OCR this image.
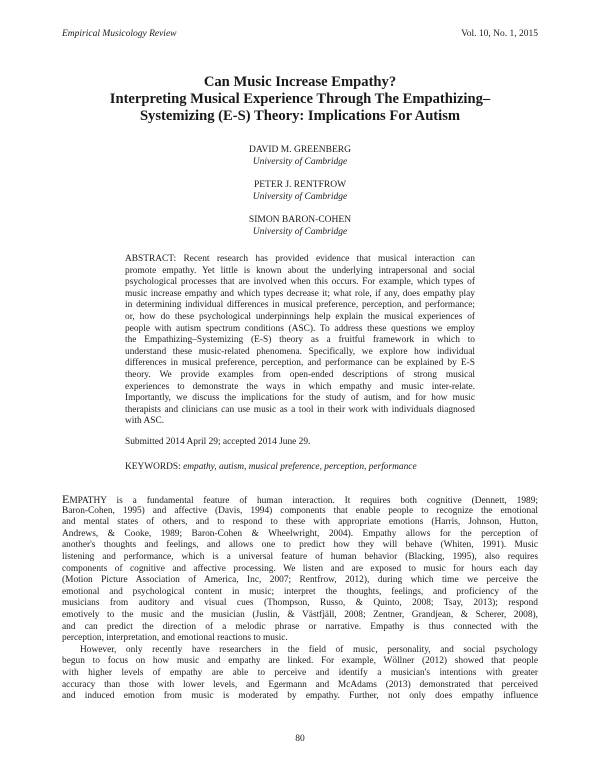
Empirical Musicology Review	Vol. 10, No. 1, 2015
Can Music Increase Empathy?
Interpreting Musical Experience Through The Empathizing–
Systemizing (E-S) Theory: Implications For Autism
DAVID M. GREENBERG
University of Cambridge
PETER J. RENTFROW
University of Cambridge
SIMON BARON-COHEN
University of Cambridge
ABSTRACT: Recent research has provided evidence that musical interaction can
promote empathy. Yet little is known about the underlying intrapersonal and social
psychological processes that are involved when this occurs. For example, which types of
music increase empathy and which types decrease it; what role, if any, does empathy play
in determining individual differences in musical preference, perception, and performance;
or, how do these psychological underpinnings help explain the musical experiences of
people with autism spectrum conditions (ASC). To address these questions we employ
the Empathizing–Systemizing (E-S) theory as a fruitful framework in which to
understand these music-related phenomena. Specifically, we explore how individual
differences in musical preference, perception, and performance can be explained by E-S
theory. We provide examples from open-ended descriptions of strong musical
experiences to demonstrate the ways in which empathy and music inter-relate.
Importantly, we discuss the implications for the study of autism, and for how music
therapists and clinicians can use music as a tool in their work with individuals diagnosed
with ASC.
Submitted 2014 April 29; accepted 2014 June 29.
KEYWORDS: empathy, autism, musical preference, perception, performance
EMPATHY is a fundamental feature of human interaction. It requires both cognitive (Dennett, 1989;
Baron-Cohen, 1995) and affective (Davis, 1994) components that enable people to recognize the emotional
and mental states of others, and to respond to these with appropriate emotions (Harris, Johnson, Hutton,
Andrews, & Cooke, 1989; Baron-Cohen & Wheelwright, 2004). Empathy allows for the perception of
another's thoughts and feelings, and allows one to predict how they will behave (Whiten, 1991). Music
listening and performance, which is a universal feature of human behavior (Blacking, 1995), also requires
components of cognitive and affective processing. We listen and are exposed to music for hours each day
(Motion Picture Association of America, Inc, 2007; Rentfrow, 2012), during which time we perceive the
emotional and psychological content in music; interpret the thoughts, feelings, and proficiency of the
musicians from auditory and visual cues (Thompson, Russo, & Quinto, 2008; Tsay, 2013); respond
emotively to the music and the musician (Juslin, & Västfjäll, 2008; Zentner, Grandjean, & Scherer, 2008),
and can predict the direction of a melodic phrase or narrative. Empathy is thus connected with the
perception, interpretation, and emotional reactions to music.
However, only recently have researchers in the field of music, personality, and social psychology
begun to focus on how music and empathy are linked. For example, Wöllner (2012) showed that people
with higher levels of empathy are able to perceive and identify a musician's intentions with greater
accuracy than those with lower levels, and Egermann and McAdams (2013) demonstrated that perceived
and induced emotion from music is moderated by empathy. Further, not only does empathy influence
80
